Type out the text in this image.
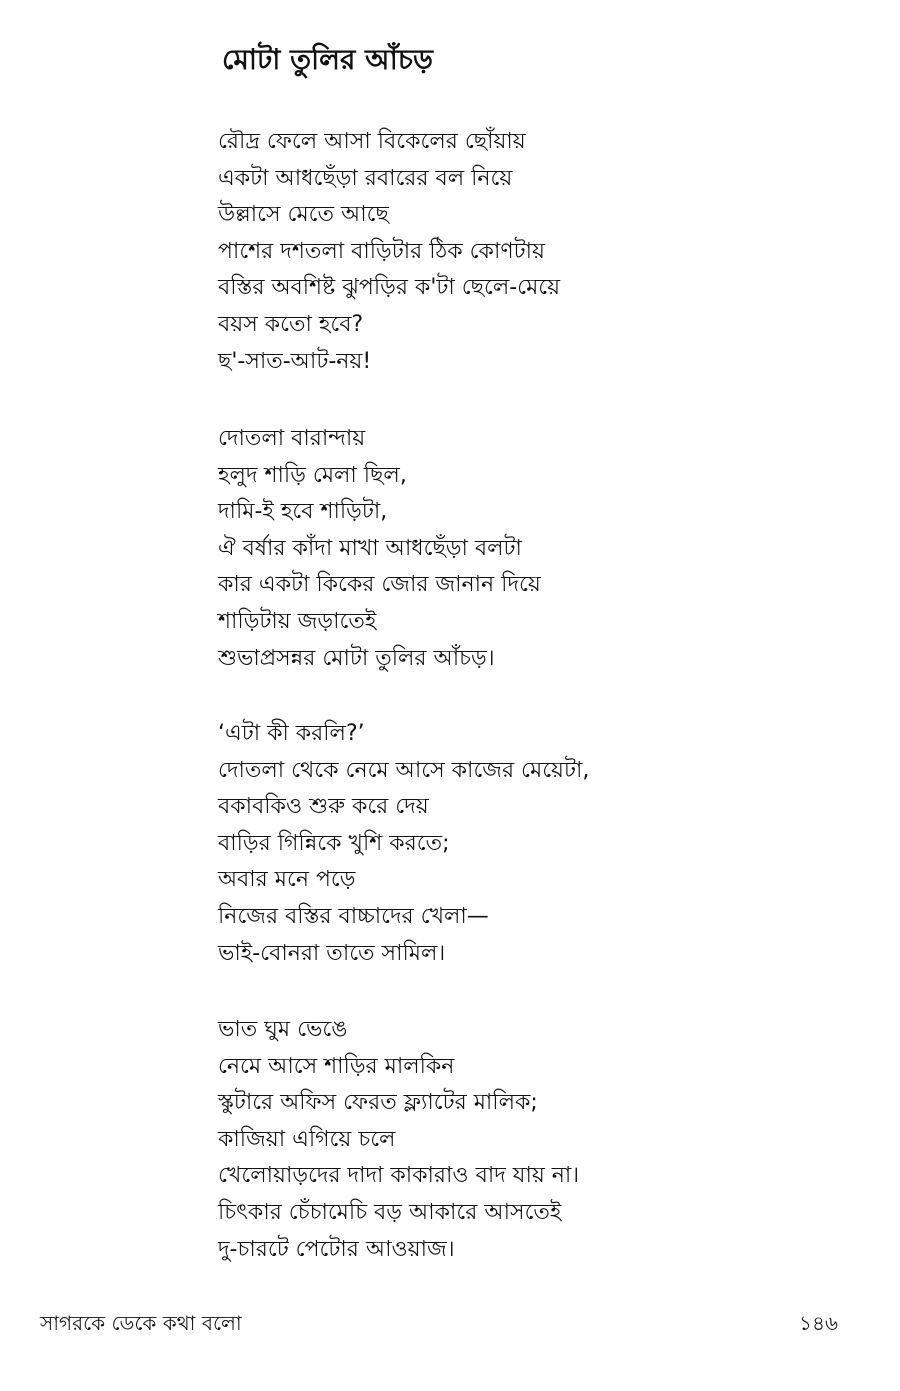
মোটা তুলির আঁচড়
রৌদ্র ফেলে আসা বিকেলের ছোঁয়ায়
একটা আধছেঁড়া রবারের বল নিয়ে
উল্লাসে মেতে আছে
পাশের দশতলা বাড়িটার ঠিক কোণটায়
বস্তির অবশিষ্ট ঝুপড়ির ক'টা ছেলে-মেয়ে
বয়স কতো হবে?
ছ'-সাত-আট-নয়!
দোতলা বারান্দায়
হলুদ শাড়ি মেলা ছিল,
দামি-ই হবে শাড়িটা,
ঐ বর্ষার কাঁদা মাখা আধছেঁড়া বলটা
কার একটা কিকের জোর জানান দিয়ে
শাড়িটায় জড়াতেই
শুভাপ্রসন্নর মোটা তুলির আঁচড়।
‘এটা কী করলি?’
দোতলা থেকে নেমে আসে কাজের মেয়েটা,
বকাবকিও শুরু করে দেয়
বাড়ির গিন্নিকে খুশি করতে;
অবার মনে পড়ে
নিজের বস্তির বাচ্চাদের খেলা—
ভাই-বোনরা তাতে সামিল।
ভাত ঘুম ভেঙে
নেমে আসে শাড়ির মালকিন
স্কুটারে অফিস ফেরত ফ্ল্যাটের মালিক;
কাজিয়া এগিয়ে চলে
খেলোয়াড়দের দাদা কাকারাও বাদ যায় না।
চিৎকার চেঁচামেচি বড় আকারে আসতেই
দু-চারটে পেটোর আওয়াজ।
সাগরকে ডেকে কথা বলো	১৪৬
